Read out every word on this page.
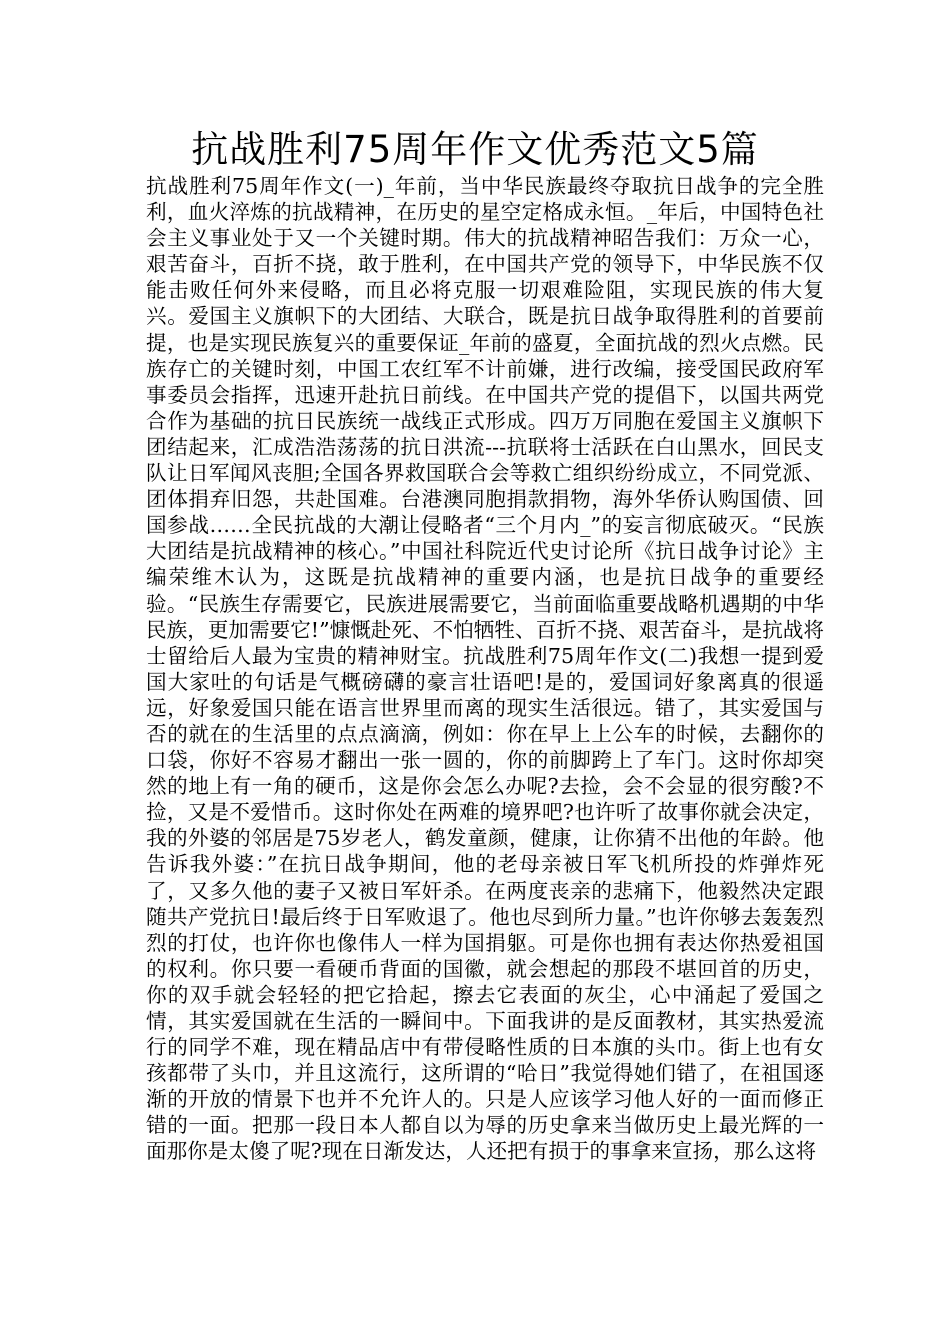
抗战胜利75周年作文优秀范文5篇

抗战胜利75周年作文(一)_年前，当中华民族最终夺取抗日战争的完全胜利，血火淬炼的抗战精神，在历史的星空定格成永恒。_年后，中国特色社会主义事业处于又一个关键时期。伟大的抗战精神昭告我们：万众一心，艰苦奋斗，百折不挠，敢于胜利，在中国共产党的领导下，中华民族不仅能击败任何外来侵略，而且必将克服一切艰难险阻，实现民族的伟大复兴。爱国主义旗帜下的大团结、大联合，既是抗日战争取得胜利的首要前提，也是实现民族复兴的重要保证_年前的盛夏，全面抗战的烈火点燃。民族存亡的关键时刻，中国工农红军不计前嫌，进行改编，接受国民政府军事委员会指挥，迅速开赴抗日前线。在中国共产党的提倡下，以国共两党合作为基础的抗日民族统一战线正式形成。四万万同胞在爱国主义旗帜下团结起来，汇成浩浩荡荡的抗日洪流---抗联将士活跃在白山黑水，回民支队让日军闻风丧胆;全国各界救国联合会等救亡组织纷纷成立，不同党派、团体捐弃旧怨，共赴国难。台港澳同胞捐款捐物，海外华侨认购国债、回国参战……全民抗战的大潮让侵略者“三个月内_”的妄言彻底破灭。“民族大团结是抗战精神的核心。”中国社科院近代史讨论所《抗日战争讨论》主编荣维木认为，这既是抗战精神的重要内涵，也是抗日战争的重要经验。“民族生存需要它，民族进展需要它，当前面临重要战略机遇期的中华民族，更加需要它!”慷慨赴死、不怕牺牲、百折不挠、艰苦奋斗，是抗战将士留给后人最为宝贵的精神财宝。抗战胜利75周年作文(二)我想一提到爱国大家吐的句话是气概磅礴的豪言壮语吧!是的，爱国词好象离真的很遥远，好象爱国只能在语言世界里而离的现实生活很远。错了，其实爱国与否的就在的生活里的点点滴滴，例如：你在早上上公车的时候，去翻你的口袋，你好不容易才翻出一张一圆的，你的前脚跨上了车门。这时你却突然的地上有一角的硬币，这是你会怎么办呢?去捡，会不会显的很穷酸?不捡，又是不爱惜币。这时你处在两难的境界吧?也许听了故事你就会决定，我的外婆的邻居是75岁老人，鹤发童颜，健康，让你猜不出他的年龄。他告诉我外婆：”在抗日战争期间，他的老母亲被日军飞机所投的炸弹炸死了，又多久他的妻子又被日军奸杀。在两度丧亲的悲痛下，他毅然决定跟随共产党抗日!最后终于日军败退了。他也尽到所力量。”也许你够去轰轰烈烈的打仗，也许你也像伟人一样为国捐躯。可是你也拥有表达你热爱祖国的权利。你只要一看硬币背面的国徽，就会想起的那段不堪回首的历史，你的双手就会轻轻的把它拾起，擦去它表面的灰尘，心中涌起了爱国之情，其实爱国就在生活的一瞬间中。下面我讲的是反面教材，其实热爱流行的同学不难，现在精品店中有带侵略性质的日本旗的头巾。街上也有女孩都带了头巾，并且这流行，这所谓的“哈日”我觉得她们错了，在祖国逐渐的开放的情景下也并不允许人的。只是人应该学习他人好的一面而修正错的一面。把那一段日本人都自以为辱的历史拿来当做历史上最光辉的一面那你是太傻了呢?现在日渐发达，人还把有损于的事拿来宣扬，那么这将
